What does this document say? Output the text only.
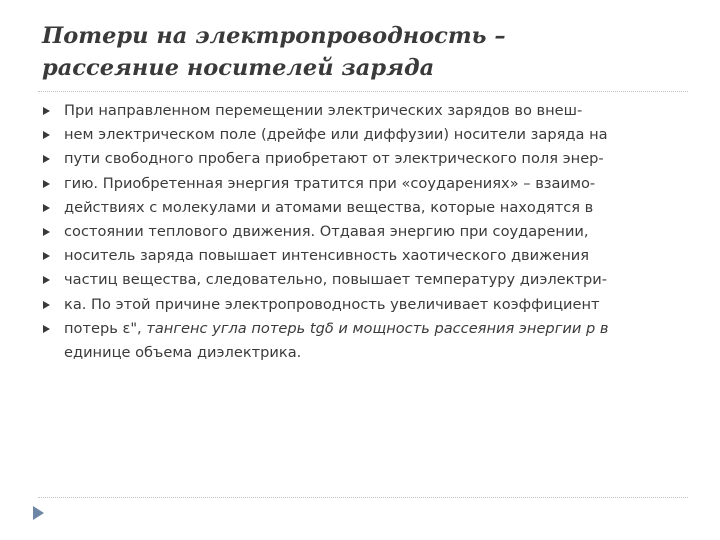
Потери на электропроводность –
рассеяние носителей заряда
При направленном перемещении электрических зарядов во внеш-
нем электрическом поле (дрейфе или диффузии) носители заряда на
пути свободного пробега приобретают от электрического поля энер-
гию. Приобретенная энергия тратится при «соударениях» – взаимо-
действиях с молекулами и атомами вещества, которые находятся в
состоянии теплового движения. Отдавая энергию при соударении,
носитель заряда повышает интенсивность хаотического движения
частиц вещества, следовательно, повышает температуру диэлектри-
ка. По этой причине электропроводность увеличивает коэффициент
потерь ε", тангенс угла потерь tgδ и мощность рассеяния энергии р в
единице объема диэлектрика.
